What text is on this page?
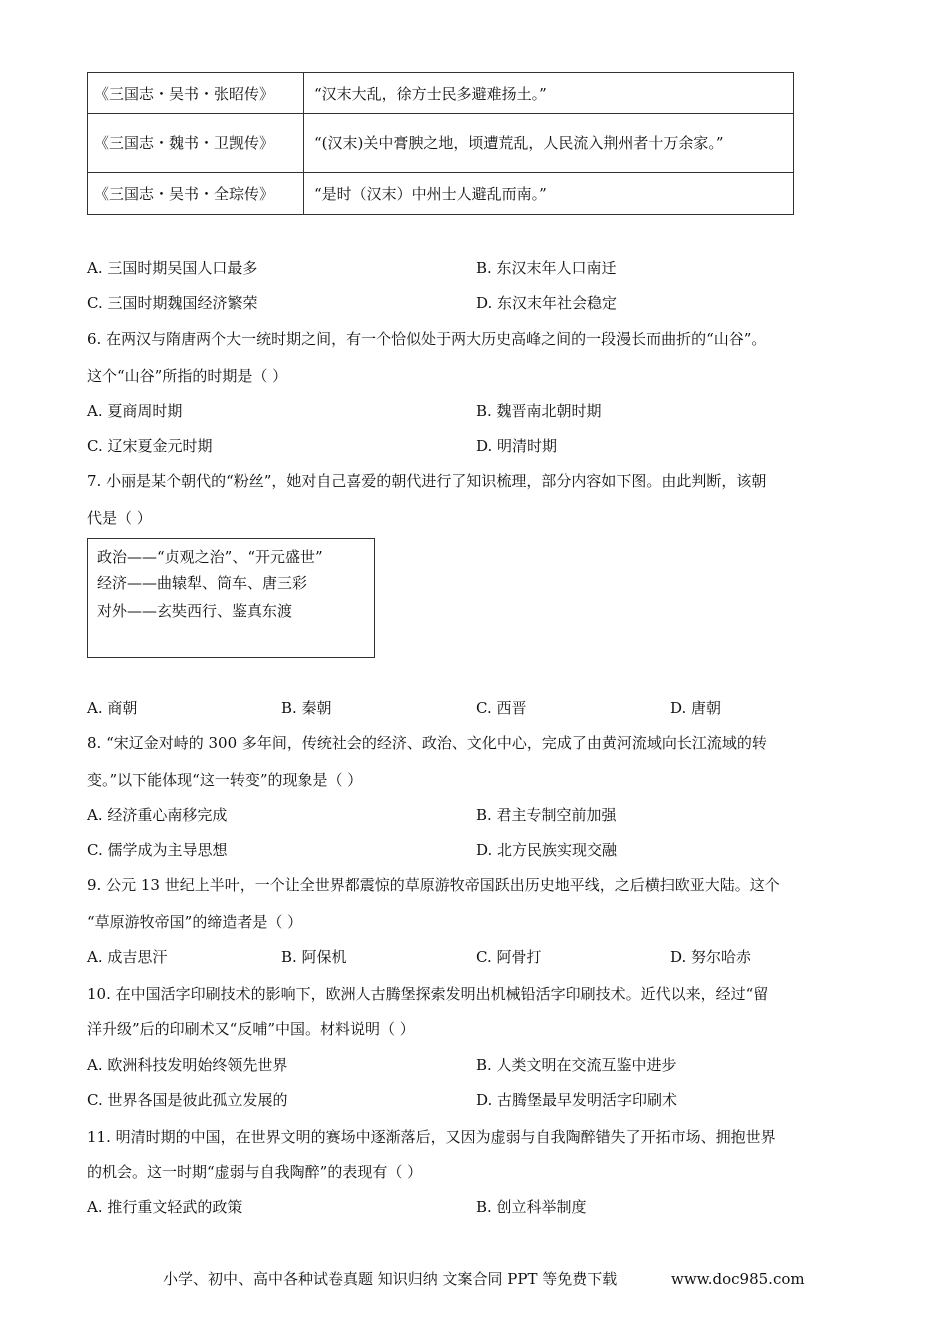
《三国志・吴书・张昭传》	“汉末大乱，徐方士民多避难扬土。”
《三国志・魏书・卫觊传》	“(汉末)关中膏腴之地，顷遭荒乱，人民流入荆州者十万余家。”
《三国志・吴书・全琮传》	“是时（汉末）中州士人避乱而南。”
A. 三国时期吴国人口最多	B. 东汉末年人口南迁
C. 三国时期魏国经济繁荣	D. 东汉末年社会稳定
6. 在两汉与隋唐两个大一统时期之间，有一个恰似处于两大历史高峰之间的一段漫长而曲折的“山谷”。
这个“山谷”所指的时期是（ ）
A. 夏商周时期	B. 魏晋南北朝时期
C. 辽宋夏金元时期	D. 明清时期
7. 小丽是某个朝代的“粉丝”，她对自己喜爱的朝代进行了知识梳理，部分内容如下图。由此判断，该朝
代是（ ）
政治——“贞观之治”、“开元盛世”
经济——曲辕犁、筒车、唐三彩
对外——玄奘西行、鉴真东渡
A. 商朝	B. 秦朝	C. 西晋	D. 唐朝
8. “宋辽金对峙的 300 多年间，传统社会的经济、政治、文化中心，完成了由黄河流域向长江流域的转
变。”以下能体现“这一转变”的现象是（ ）
A. 经济重心南移完成	B. 君主专制空前加强
C. 儒学成为主导思想	D. 北方民族实现交融
9. 公元 13 世纪上半叶，一个让全世界都震惊的草原游牧帝国跃出历史地平线，之后横扫欧亚大陆。这个
“草原游牧帝国”的缔造者是（ ）
A. 成吉思汗	B. 阿保机	C. 阿骨打	D. 努尔哈赤
10. 在中国活字印刷技术的影响下，欧洲人古腾堡探索发明出机械铅活字印刷技术。近代以来，经过“留
洋升级”后的印刷术又“反哺”中国。材料说明（ ）
A. 欧洲科技发明始终领先世界	B. 人类文明在交流互鉴中进步
C. 世界各国是彼此孤立发展的	D. 古腾堡最早发明活字印刷术
11. 明清时期的中国，在世界文明的赛场中逐渐落后，又因为虚弱与自我陶醉错失了开拓市场、拥抱世界
的机会。这一时期“虚弱与自我陶醉”的表现有（ ）
A. 推行重文轻武的政策	B. 创立科举制度
小学、初中、高中各种试卷真题 知识归纳 文案合同 PPT 等免费下载	www.doc985.com
